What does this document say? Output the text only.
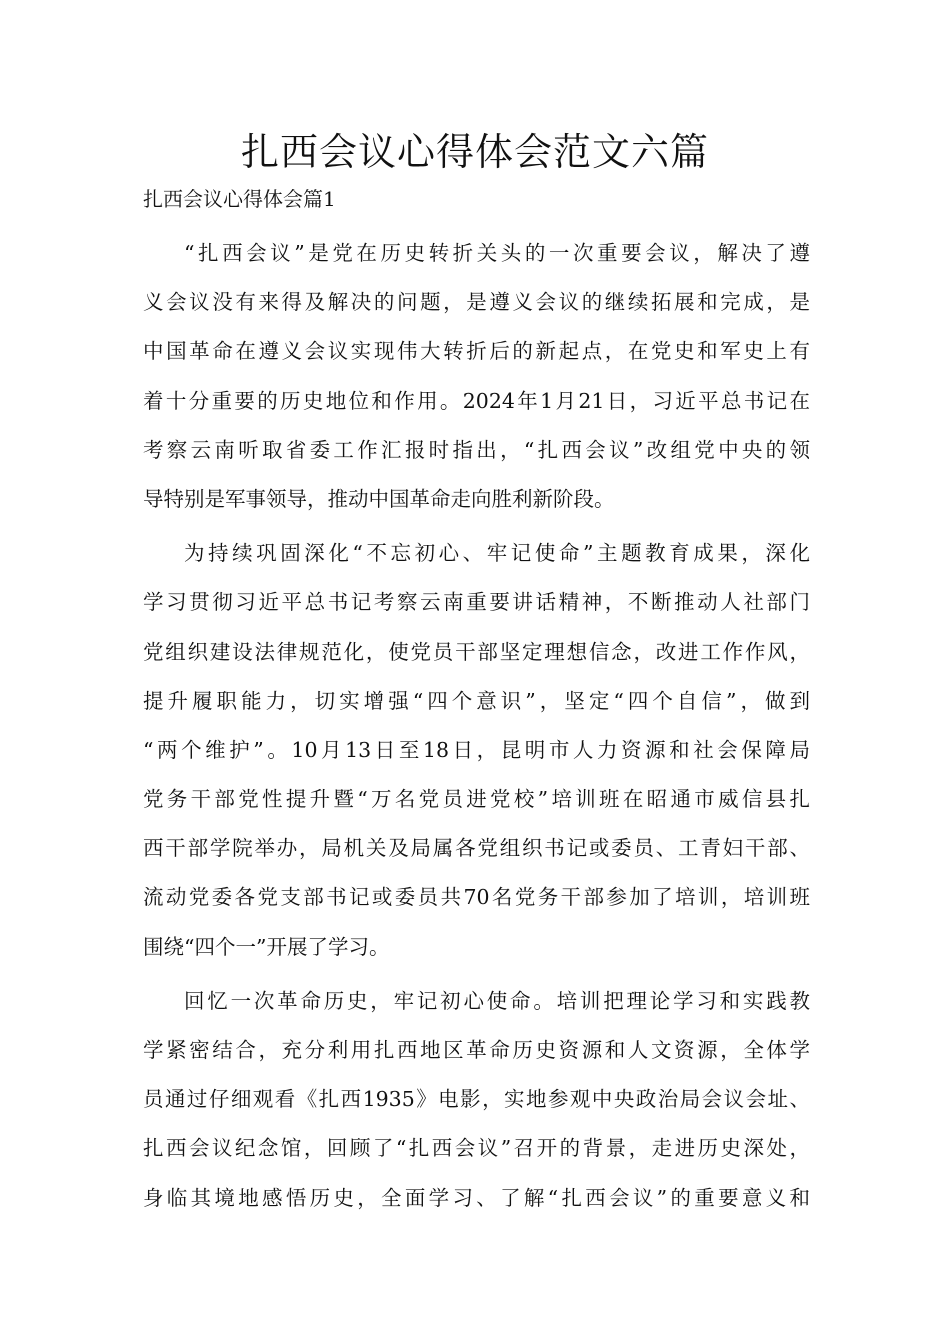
扎西会议心得体会范文六篇

扎西会议心得体会篇1

“扎西会议”是党在历史转折关头的一次重要会议，解决了遵
义会议没有来得及解决的问题，是遵义会议的继续拓展和完成，是
中国革命在遵义会议实现伟大转折后的新起点，在党史和军史上有
着十分重要的历史地位和作用。2024年1月21日，习近平总书记在
考察云南听取省委工作汇报时指出，“扎西会议”改组党中央的领
导特别是军事领导，推动中国革命走向胜利新阶段。
为持续巩固深化“不忘初心、牢记使命”主题教育成果，深化
学习贯彻习近平总书记考察云南重要讲话精神，不断推动人社部门
党组织建设法律规范化，使党员干部坚定理想信念，改进工作作风，
提升履职能力，切实增强“四个意识”，坚定“四个自信”，做到
“两个维护”。10月13日至18日，昆明市人力资源和社会保障局
党务干部党性提升暨“万名党员进党校”培训班在昭通市威信县扎
西干部学院举办，局机关及局属各党组织书记或委员、工青妇干部、
流动党委各党支部书记或委员共70名党务干部参加了培训，培训班
围绕“四个一”开展了学习。
回忆一次革命历史，牢记初心使命。培训把理论学习和实践教
学紧密结合，充分利用扎西地区革命历史资源和人文资源，全体学
员通过仔细观看《扎西1935》电影，实地参观中央政治局会议会址、
扎西会议纪念馆，回顾了“扎西会议”召开的背景，走进历史深处，
身临其境地感悟历史，全面学习、了解“扎西会议”的重要意义和
